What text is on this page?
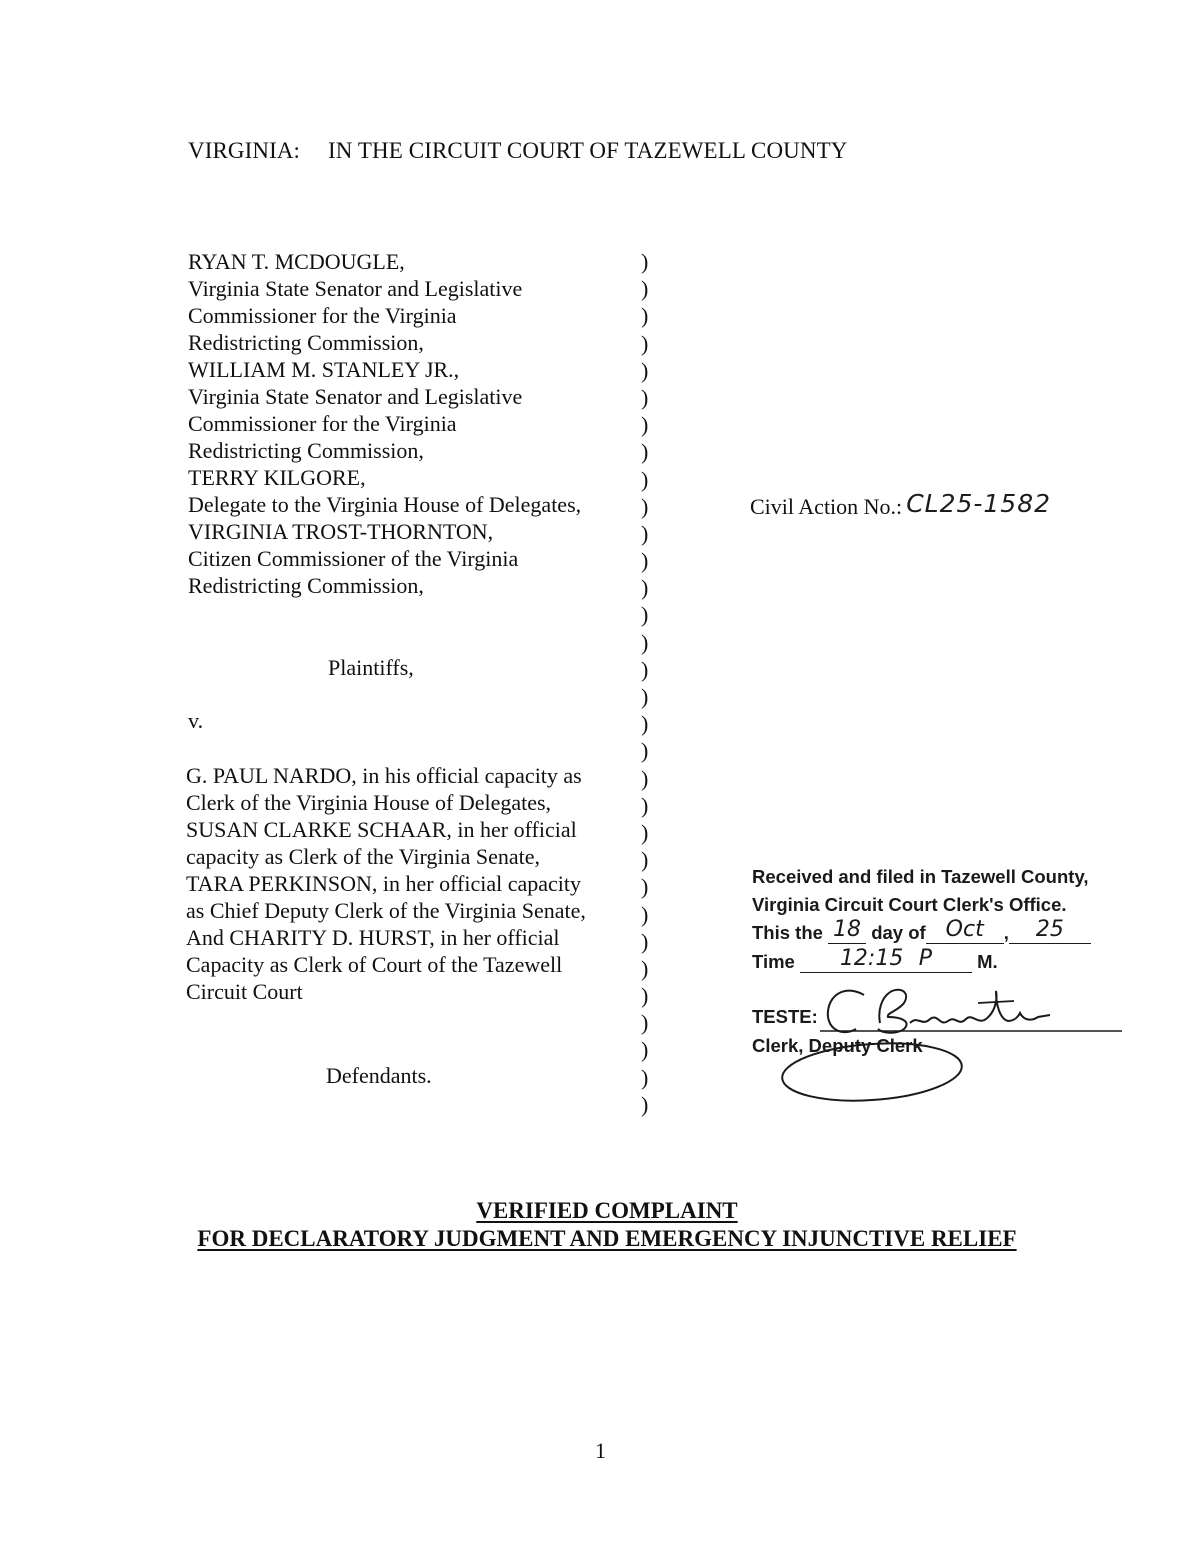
VIRGINIA: IN THE CIRCUIT COURT OF TAZEWELL COUNTY
RYAN T. MCDOUGLE,
Virginia State Senator and Legislative
Commissioner for the Virginia
Redistricting Commission,
WILLIAM M. STANLEY JR.,
Virginia State Senator and Legislative
Commissioner for the Virginia
Redistricting Commission,
TERRY KILGORE,
Delegate to the Virginia House of Delegates,
VIRGINIA TROST-THORNTON,
Citizen Commissioner of the Virginia
Redistricting Commission,
Plaintiffs,
v.
G. PAUL NARDO, in his official capacity as
Clerk of the Virginia House of Delegates,
SUSAN CLARKE SCHAAR, in her official
capacity as Clerk of the Virginia Senate,
TARA PERKINSON, in her official capacity
as Chief Deputy Clerk of the Virginia Senate,
And CHARITY D. HURST, in her official
Capacity as Clerk of Court of the Tazewell
Circuit Court
Defendants.
)
)
)
)
)
)
)
)
)
)
)
)
)
)
)
)
)
)
)
)
)
)
)
)
)
)
)
)
)
)
)
)
Civil Action No.: CL25-1582
Received and filed in Tazewell County,
Virginia Circuit Court Clerk's Office.
This the 18 day of Oct , 25
Time 12:15 P M.
TESTE:
Clerk, Deputy Clerk
VERIFIED COMPLAINT
FOR DECLARATORY JUDGMENT AND EMERGENCY INJUNCTIVE RELIEF
1
